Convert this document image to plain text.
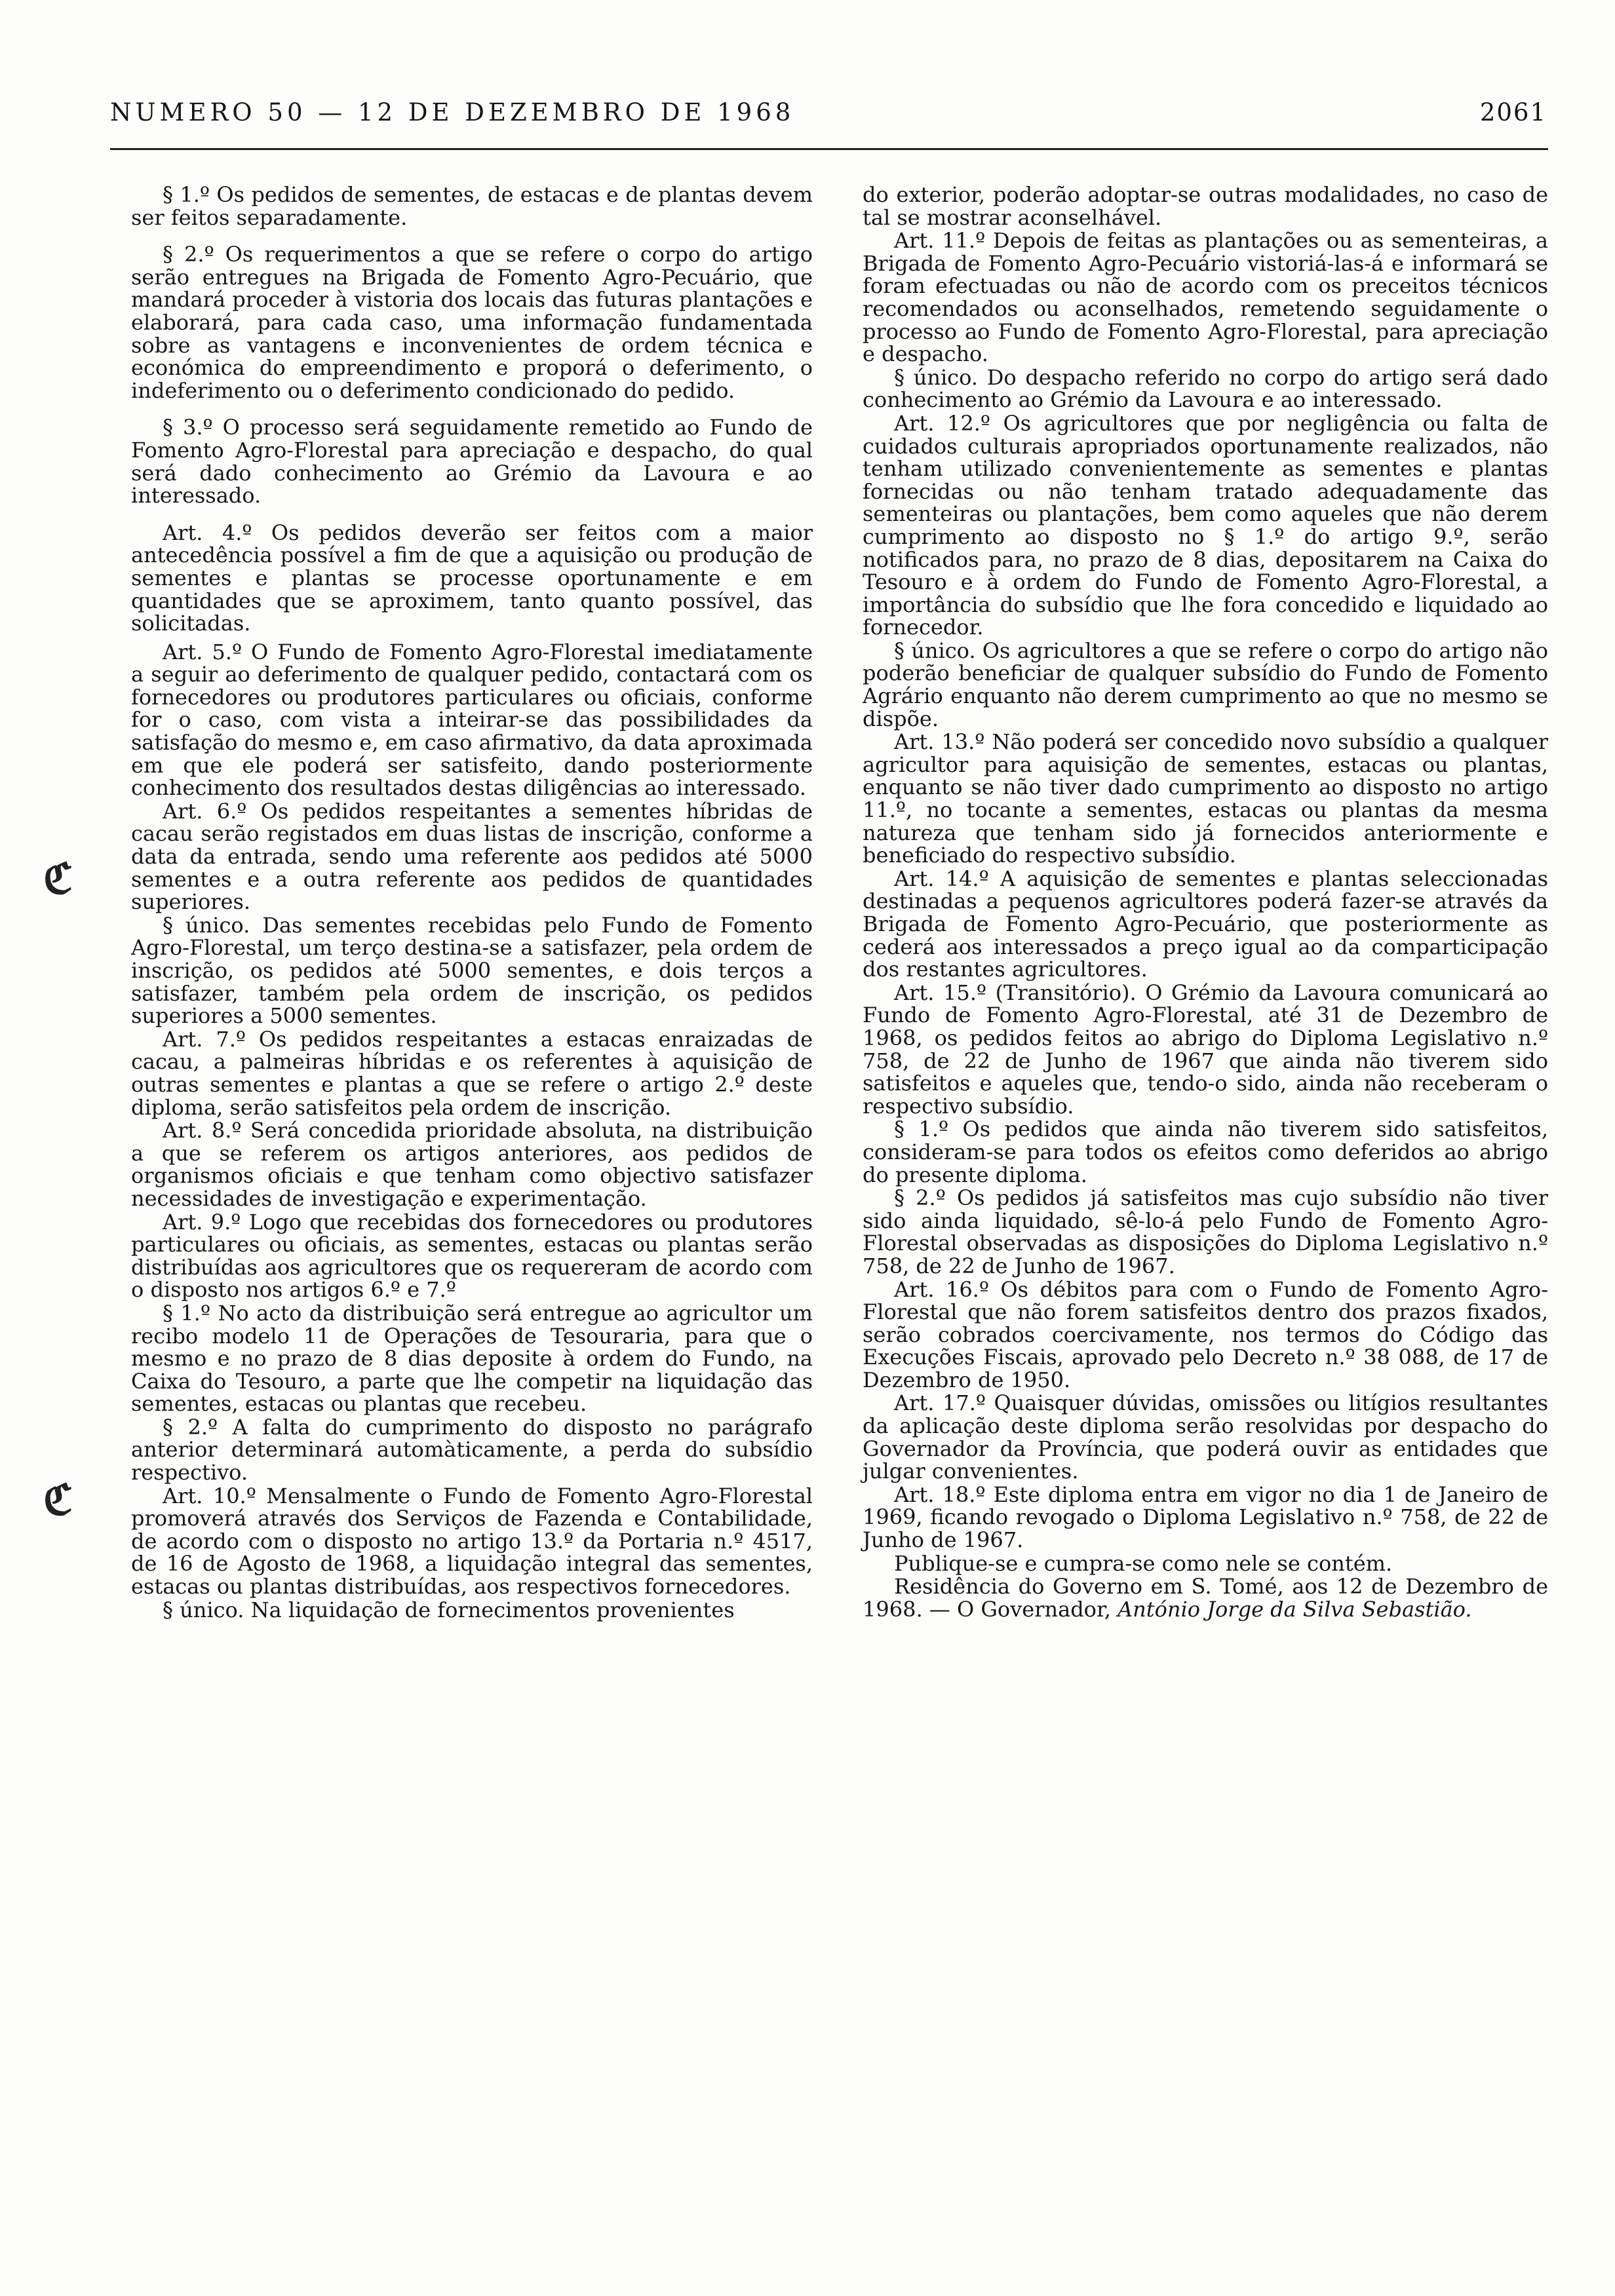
NUMERO 50 — 12 DE DEZEMBRO DE 1968	2061
ℭ
ℭ

§ 1.º Os pedidos de sementes, de estacas e de plantas devem ser feitos separadamente.

§ 2.º Os requerimentos a que se refere o corpo do artigo serão entregues na Brigada de Fomento Agro-Pecuário, que mandará proceder à vistoria dos locais das futuras plantações e elaborará, para cada caso, uma informação fundamentada sobre as vantagens e inconvenientes de ordem técnica e económica do empreendimento e proporá o deferimento, o indeferimento ou o deferimento condicionado do pedido.

§ 3.º O processo será seguidamente remetido ao Fundo de Fomento Agro-Florestal para apreciação e despacho, do qual será dado conhecimento ao Grémio da Lavoura e ao interessado.

Art. 4.º Os pedidos deverão ser feitos com a maior antecedência possível a fim de que a aquisição ou produção de sementes e plantas se processe oportunamente e em quantidades que se aproximem, tanto quanto possível, das solicitadas.

Art. 5.º O Fundo de Fomento Agro-Florestal imediatamente a seguir ao deferimento de qualquer pedido, contactará com os fornecedores ou produtores particulares ou oficiais, conforme for o caso, com vista a inteirar-se das possibilidades da satisfação do mesmo e, em caso afirmativo, da data aproximada em que ele poderá ser satisfeito, dando posteriormente conhecimento dos resultados destas diligências ao interessado.

Art. 6.º Os pedidos respeitantes a sementes híbridas de cacau serão registados em duas listas de inscrição, conforme a data da entrada, sendo uma referente aos pedidos até 5000 sementes e a outra referente aos pedidos de quantidades superiores.

§ único. Das sementes recebidas pelo Fundo de Fomento Agro-Florestal, um terço destina-se a satisfazer, pela ordem de inscrição, os pedidos até 5000 sementes, e dois terços a satisfazer, também pela ordem de inscrição, os pedidos superiores a 5000 sementes.

Art. 7.º Os pedidos respeitantes a estacas enraizadas de cacau, a palmeiras híbridas e os referentes à aquisição de outras sementes e plantas a que se refere o artigo 2.º deste diploma, serão satisfeitos pela ordem de inscrição.

Art. 8.º Será concedida prioridade absoluta, na distribuição a que se referem os artigos anteriores, aos pedidos de organismos oficiais e que tenham como objectivo satisfazer necessidades de investigação e experimentação.

Art. 9.º Logo que recebidas dos fornecedores ou produtores particulares ou oficiais, as sementes, estacas ou plantas serão distribuídas aos agricultores que os requereram de acordo com o disposto nos artigos 6.º e 7.º

§ 1.º No acto da distribuição será entregue ao agricultor um recibo modelo 11 de Operações de Tesouraria, para que o mesmo e no prazo de 8 dias deposite à ordem do Fundo, na Caixa do Tesouro, a parte que lhe competir na liquidação das sementes, estacas ou plantas que recebeu.

§ 2.º A falta do cumprimento do disposto no parágrafo anterior determinará automàticamente, a perda do subsídio respectivo.

Art. 10.º Mensalmente o Fundo de Fomento Agro-Florestal promoverá através dos Serviços de Fazenda e Contabilidade, de acordo com o disposto no artigo 13.º da Portaria n.º 4517, de 16 de Agosto de 1968, a liquidação integral das sementes, estacas ou plantas distribuídas, aos respectivos fornecedores.

§ único. Na liquidação de fornecimentos provenientes

do exterior, poderão adoptar-se outras modalidades, no caso de tal se mostrar aconselhável.

Art. 11.º Depois de feitas as plantações ou as sementeiras, a Brigada de Fomento Agro-Pecuário vistoriá-las-á e informará se foram efectuadas ou não de acordo com os preceitos técnicos recomendados ou aconselhados, remetendo seguidamente o processo ao Fundo de Fomento Agro-Florestal, para apreciação e despacho.

§ único. Do despacho referido no corpo do artigo será dado conhecimento ao Grémio da Lavoura e ao interessado.

Art. 12.º Os agricultores que por negligência ou falta de cuidados culturais apropriados oportunamente realizados, não tenham utilizado convenientemente as sementes e plantas fornecidas ou não tenham tratado adequadamente das sementeiras ou plantações, bem como aqueles que não derem cumprimento ao disposto no § 1.º do artigo 9.º, serão notificados para, no prazo de 8 dias, depositarem na Caixa do Tesouro e à ordem do Fundo de Fomento Agro-Florestal, a importância do subsídio que lhe fora concedido e liquidado ao fornecedor.

§ único. Os agricultores a que se refere o corpo do artigo não poderão beneficiar de qualquer subsídio do Fundo de Fomento Agrário enquanto não derem cumprimento ao que no mesmo se dispõe.

Art. 13.º Não poderá ser concedido novo subsídio a qualquer agricultor para aquisição de sementes, estacas ou plantas, enquanto se não tiver dado cumprimento ao disposto no artigo 11.º, no tocante a sementes, estacas ou plantas da mesma natureza que tenham sido já fornecidos anteriormente e beneficiado do respectivo subsídio.

Art. 14.º A aquisição de sementes e plantas seleccionadas destinadas a pequenos agricultores poderá fazer-se através da Brigada de Fomento Agro-Pecuário, que posteriormente as cederá aos interessados a preço igual ao da comparticipação dos restantes agricultores.

Art. 15.º (Transitório). O Grémio da Lavoura comunicará ao Fundo de Fomento Agro-Florestal, até 31 de Dezembro de 1968, os pedidos feitos ao abrigo do Diploma Legislativo n.º 758, de 22 de Junho de 1967 que ainda não tiverem sido satisfeitos e aqueles que, tendo-o sido, ainda não receberam o respectivo subsídio.

§ 1.º Os pedidos que ainda não tiverem sido satisfeitos, consideram-se para todos os efeitos como deferidos ao abrigo do presente diploma.

§ 2.º Os pedidos já satisfeitos mas cujo subsídio não tiver sido ainda liquidado, sê-lo-á pelo Fundo de Fomento Agro-Florestal observadas as disposições do Diploma Legislativo n.º 758, de 22 de Junho de 1967.

Art. 16.º Os débitos para com o Fundo de Fomento Agro-Florestal que não forem satisfeitos dentro dos prazos fixados, serão cobrados coercivamente, nos termos do Código das Execuções Fiscais, aprovado pelo Decreto n.º 38 088, de 17 de Dezembro de 1950.

Art. 17.º Quaisquer dúvidas, omissões ou litígios resultantes da aplicação deste diploma serão resolvidas por despacho do Governador da Província, que poderá ouvir as entidades que julgar convenientes.

Art. 18.º Este diploma entra em vigor no dia 1 de Janeiro de 1969, ficando revogado o Diploma Legislativo n.º 758, de 22 de Junho de 1967.

Publique-se e cumpra-se como nele se contém.

Residência do Governo em S. Tomé, aos 12 de Dezembro de 1968. — O Governador, António Jorge da Silva Sebastião.
